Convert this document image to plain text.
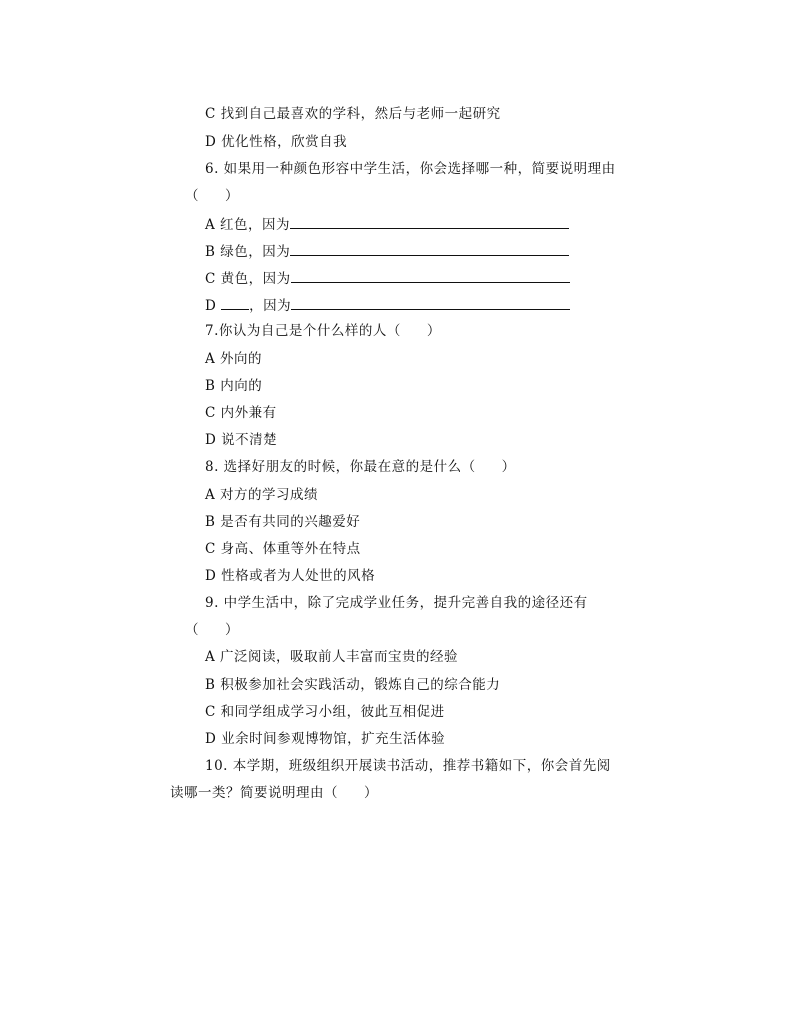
C 找到自己最喜欢的学科，然后与老师一起研究
D 优化性格，欣赏自我
6. 如果用一种颜色形容中学生活，你会选择哪一种，简要说明理由
（ ）
A 红色，因为
B 绿色，因为
C 黄色，因为
D ，因为
7.你认为自己是个什么样的人（ ）
A 外向的
B 内向的
C 内外兼有
D 说不清楚
8. 选择好朋友的时候，你最在意的是什么（ ）
A 对方的学习成绩
B 是否有共同的兴趣爱好
C 身高、体重等外在特点
D 性格或者为人处世的风格
9. 中学生活中，除了完成学业任务，提升完善自我的途径还有
（ ）
A 广泛阅读，吸取前人丰富而宝贵的经验
B 积极参加社会实践活动，锻炼自己的综合能力
C 和同学组成学习小组，彼此互相促进
D 业余时间参观博物馆，扩充生活体验
10. 本学期，班级组织开展读书活动，推荐书籍如下，你会首先阅
读哪一类？简要说明理由（ ）
